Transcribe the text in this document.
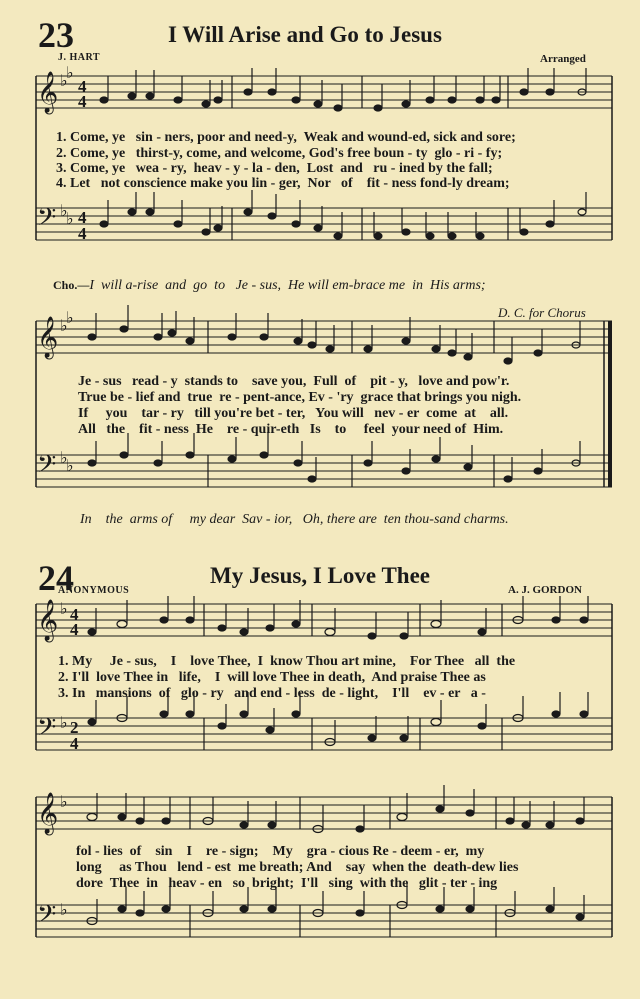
23	I Will Arise and Go to Jesus
J. HART	Arranged
𝄞
𝄢
𝄞
𝄢
𝄞
𝄢
𝄞
𝄢
♭
♭
♭
♭
♭
♭
♭
♭
♭
♭
♭
♭
4
4
4
4
4
4
2
4
1. Come, ye   sin - ners, poor and need-y,  Weak and wound-ed, sick and sore;
2. Come, ye   thirst-y, come, and welcome, God's free boun - ty  glo - ri - fy;
3. Come, ye   wea - ry,  heav - y - la - den,  Lost  and   ru - ined by the fall;
4. Let   not conscience make you lin - ger,  Nor   of    fit - ness fond-ly dream;

Cho.—I  will a-rise  and  go  to   Je - sus,  He will em-brace me  in  His arms;

D. C. for Chorus
Je - sus   read - y  stands to    save you,  Full  of    pit - y,   love and pow'r.
True be - lief and  true  re - pent-ance, Ev - 'ry  grace that brings you nigh.
If     you    tar - ry   till you're bet - ter,   You will   nev - er  come  at    all.
All   the    fit - ness  He    re - quir-eth   Is    to     feel  your need of  Him.
In    the  arms of     my dear  Sav - ior,   Oh, there are  ten thou-sand charms.
24	My Jesus, I Love Thee
ANONYMOUS	A. J. GORDON
1. My     Je - sus,    I    love Thee,  I  know Thou art mine,    For Thee   all  the
2. I'll  love Thee in   life,    I  will love Thee in death,  And praise Thee as
3. In   mansions  of   glo - ry   and end - less  de - light,    I'll    ev - er   a -
fol - lies  of    sin    I    re - sign;    My    gra - cious Re - deem - er,  my
long     as Thou   lend - est  me breath; And    say  when the  death-dew lies
dore  Thee  in   heav - en   so  bright;  I'll   sing  with the   glit - ter - ing
